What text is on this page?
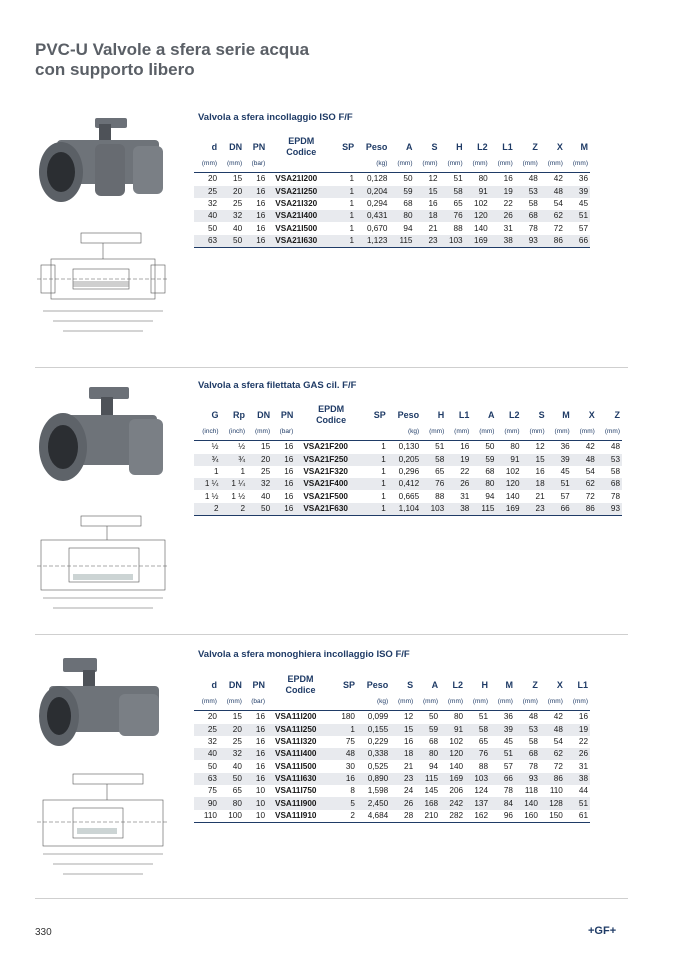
PVC-U Valvole a sfera serie acqua
con supporto libero
Valvola a sfera incollaggio ISO F/F
d	DN	PN	EPDM
Codice	SP	Peso	A	S	H	L2	L1	Z	X	M
(mm)	(mm)	(bar)			(kg)	(mm)	(mm)	(mm)	(mm)	(mm)	(mm)	(mm)	(mm)
20	15	16	VSA21I200	1	0,128	50	12	51	80	16	48	42	36
25	20	16	VSA21I250	1	0,204	59	15	58	91	19	53	48	39
32	25	16	VSA21I320	1	0,294	68	16	65	102	22	58	54	45
40	32	16	VSA21I400	1	0,431	80	18	76	120	26	68	62	51
50	40	16	VSA21I500	1	0,670	94	21	88	140	31	78	72	57
63	50	16	VSA21I630	1	1,123	115	23	103	169	38	93	86	66
Valvola a sfera filettata GAS cil. F/F
G	Rp	DN	PN	EPDM
Codice	SP	Peso	H	L1	A	L2	S	M	X	Z
(inch)	(inch)	(mm)	(bar)			(kg)	(mm)	(mm)	(mm)	(mm)	(mm)	(mm)	(mm)	(mm)
½	½	15	16	VSA21F200	1	0,130	51	16	50	80	12	36	42	48
¾	¾	20	16	VSA21F250	1	0,205	58	19	59	91	15	39	48	53
1	1	25	16	VSA21F320	1	0,296	65	22	68	102	16	45	54	58
1 ¼	1 ¼	32	16	VSA21F400	1	0,412	76	26	80	120	18	51	62	68
1 ½	1 ½	40	16	VSA21F500	1	0,665	88	31	94	140	21	57	72	78
2	2	50	16	VSA21F630	1	1,104	103	38	115	169	23	66	86	93
Valvola a sfera monoghiera incollaggio ISO F/F
d	DN	PN	EPDM
Codice	SP	Peso	S	A	L2	H	M	Z	X	L1
(mm)	(mm)	(bar)			(kg)	(mm)	(mm)	(mm)	(mm)	(mm)	(mm)	(mm)	(mm)
20	15	16	VSA11I200	180	0,099	12	50	80	51	36	48	42	16
25	20	16	VSA11I250	1	0,155	15	59	91	58	39	53	48	19
32	25	16	VSA11I320	75	0,229	16	68	102	65	45	58	54	22
40	32	16	VSA11I400	48	0,338	18	80	120	76	51	68	62	26
50	40	16	VSA11I500	30	0,525	21	94	140	88	57	78	72	31
63	50	16	VSA11I630	16	0,890	23	115	169	103	66	93	86	38
75	65	10	VSA11I750	8	1,598	24	145	206	124	78	118	110	44
90	80	10	VSA11I900	5	2,450	26	168	242	137	84	140	128	51
110	100	10	VSA11I910	2	4,684	28	210	282	162	96	160	150	61
330	+GF+
